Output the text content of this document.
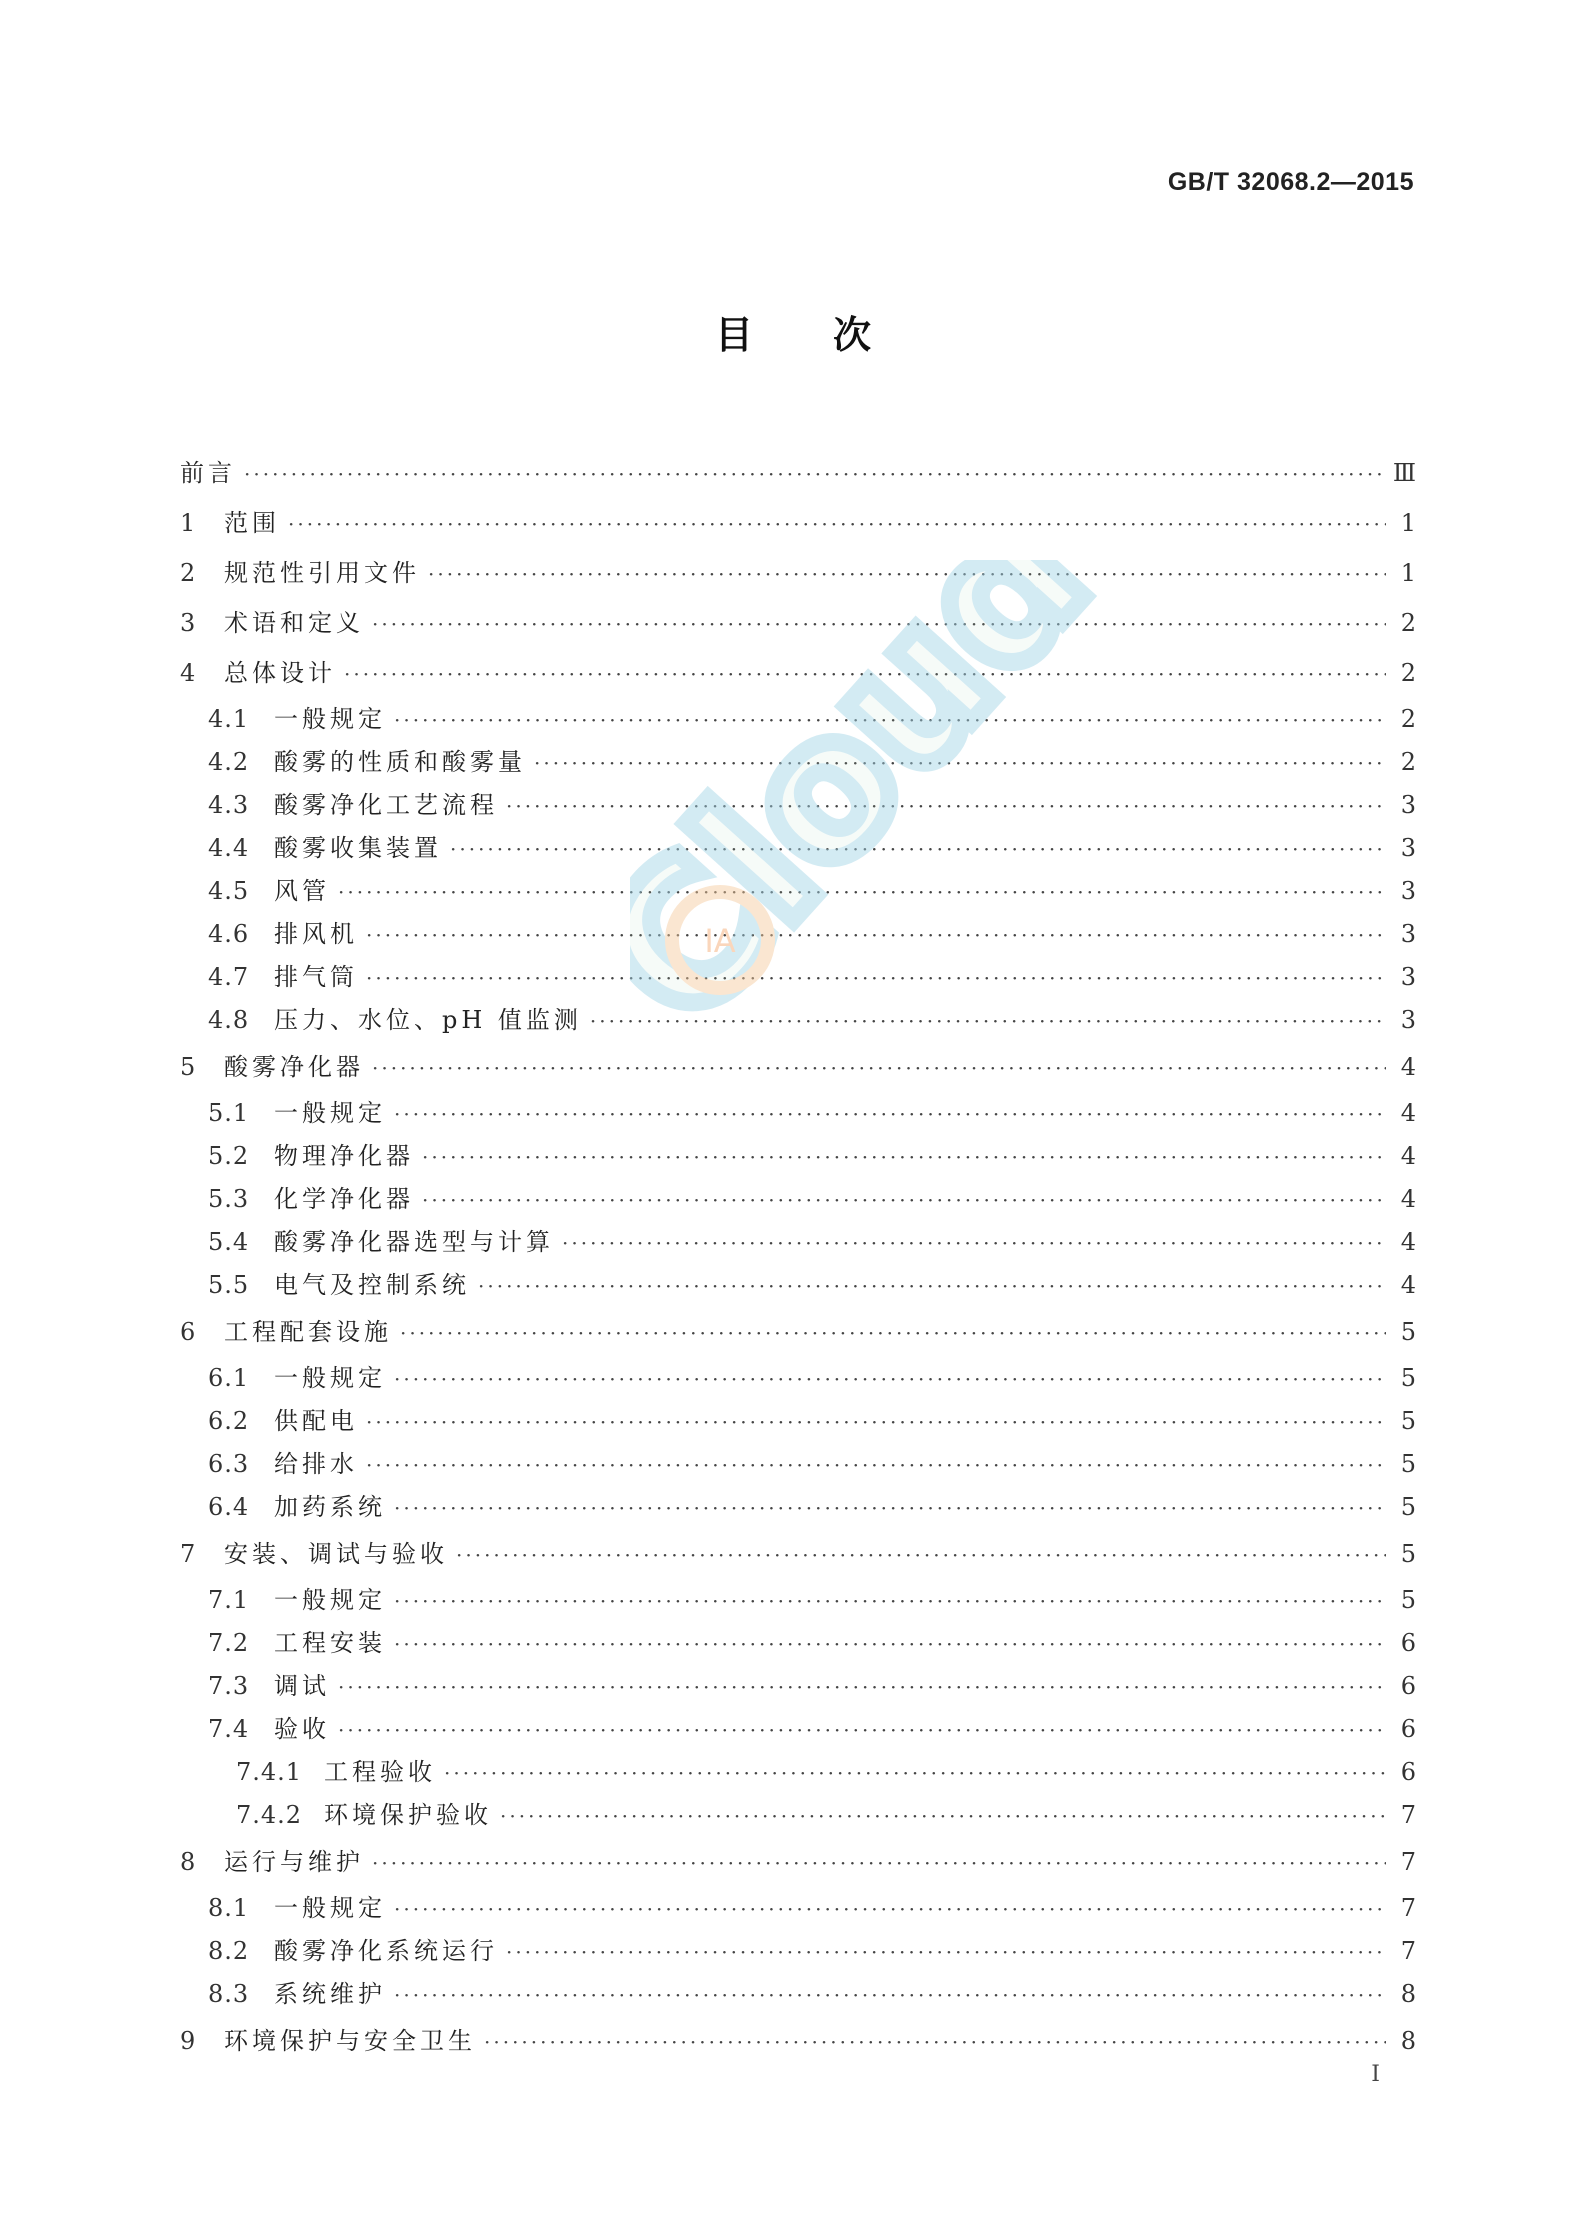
GB/T 32068.2—2015
目次
前言 ·····	Ⅲ
1	范围 ·····	1
2	规范性引用文件 ·····	1
3	术语和定义 ·····	2
4	总体设计 ·····	2
4.1	一般规定 ·····	2
4.2	酸雾的性质和酸雾量 ·····	2
4.3	酸雾净化工艺流程 ·····	3
4.4	酸雾收集装置 ·····	3
4.5	风管 ·····	3
4.6	排风机 ·····	3
4.7	排气筒 ·····	3
4.8	压力、水位、pH 值监测 ·····	3
5	酸雾净化器 ·····	4
5.1	一般规定 ·····	4
5.2	物理净化器 ·····	4
5.3	化学净化器 ·····	4
5.4	酸雾净化器选型与计算 ·····	4
5.5	电气及控制系统 ·····	4
6	工程配套设施 ·····	5
6.1	一般规定 ·····	5
6.2	供配电 ·····	5
6.3	给排水 ·····	5
6.4	加药系统 ·····	5
7	安装、调试与验收 ·····	5
7.1	一般规定 ·····	5
7.2	工程安装 ·····	6
7.3	调试 ·····	6
7.4	验收 ·····	6
7.4.1 工程验收 ·····	6
7.4.2 环境保护验收 ·····	7
8	运行与维护 ·····	7
8.1	一般规定 ·····	7
8.2	酸雾净化系统运行 ·····	7
8.3	系统维护 ·····	8
9	环境保护与安全卫生 ·····	8
Cloud
IA
I
